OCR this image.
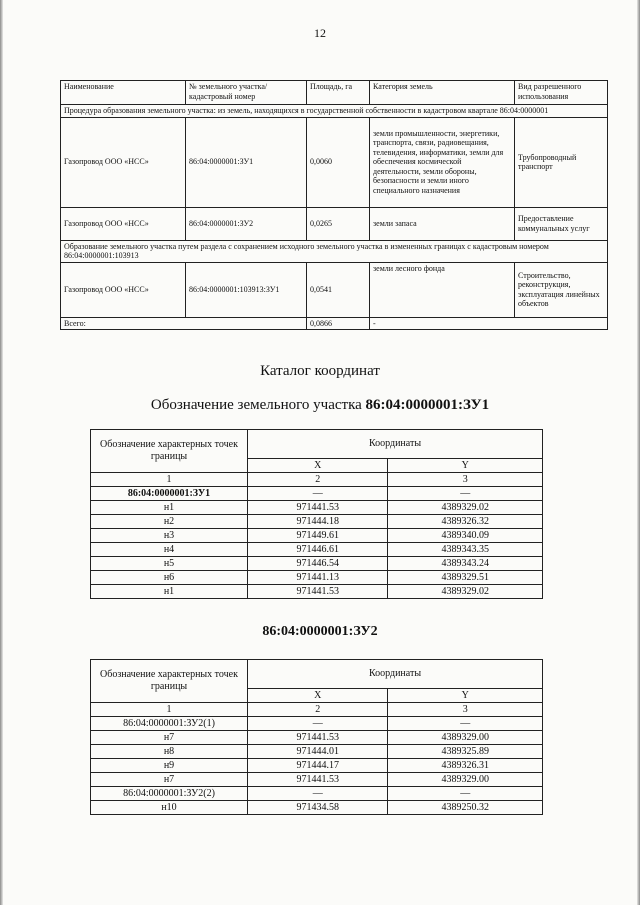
12
Наименование	№ земельного участка/ кадастровый номер	Площадь, га	Категория земель	Вид разрешенного использования
Процедура образования земельного участка: из земель, находящихся в государственной собственности в кадастровом квартале 86:04:0000001				
Газопровод ООО «НСС»	86:04:0000001:ЗУ1	0,0060	земли промышленности, энергетики, транспорта, связи, радиовещания, телевидения, информатики, земли для обеспечения космической деятельности, земли обороны, безопасности и земли иного специального назначения	Трубопроводный транспорт
Газопровод ООО «НСС»	86:04:0000001:ЗУ2	0,0265	земли запаса	Предоставление коммунальных услуг
Образование земельного участка путем раздела с сохранением исходного земельного участка в измененных границах с кадастровым номером 86:04:0000001:103913				
Газопровод ООО «НСС»	86:04:0000001:103913:ЗУ1	0,0541	земли лесного фонда	Строительство, реконструкция, эксплуатация линейных объектов
Всего:		0,0866	-	
Каталог координат
Обозначение земельного участка 86:04:0000001:ЗУ1
Обозначение характерных точек границы	Координаты	
	X	Y
1	2	3
86:04:0000001:ЗУ1	—	—
н1	971441.53	4389329.02
н2	971444.18	4389326.32
н3	971449.61	4389340.09
н4	971446.61	4389343.35
н5	971446.54	4389343.24
н6	971441.13	4389329.51
н1	971441.53	4389329.02
86:04:0000001:ЗУ2
Обозначение характерных точек границы	Координаты	
	X	Y
1	2	3
86:04:0000001:ЗУ2(1)	—	—
н7	971441.53	4389329.00
н8	971444.01	4389325.89
н9	971444.17	4389326.31
н7	971441.53	4389329.00
86:04:0000001:ЗУ2(2)	—	—
н10	971434.58	4389250.32
